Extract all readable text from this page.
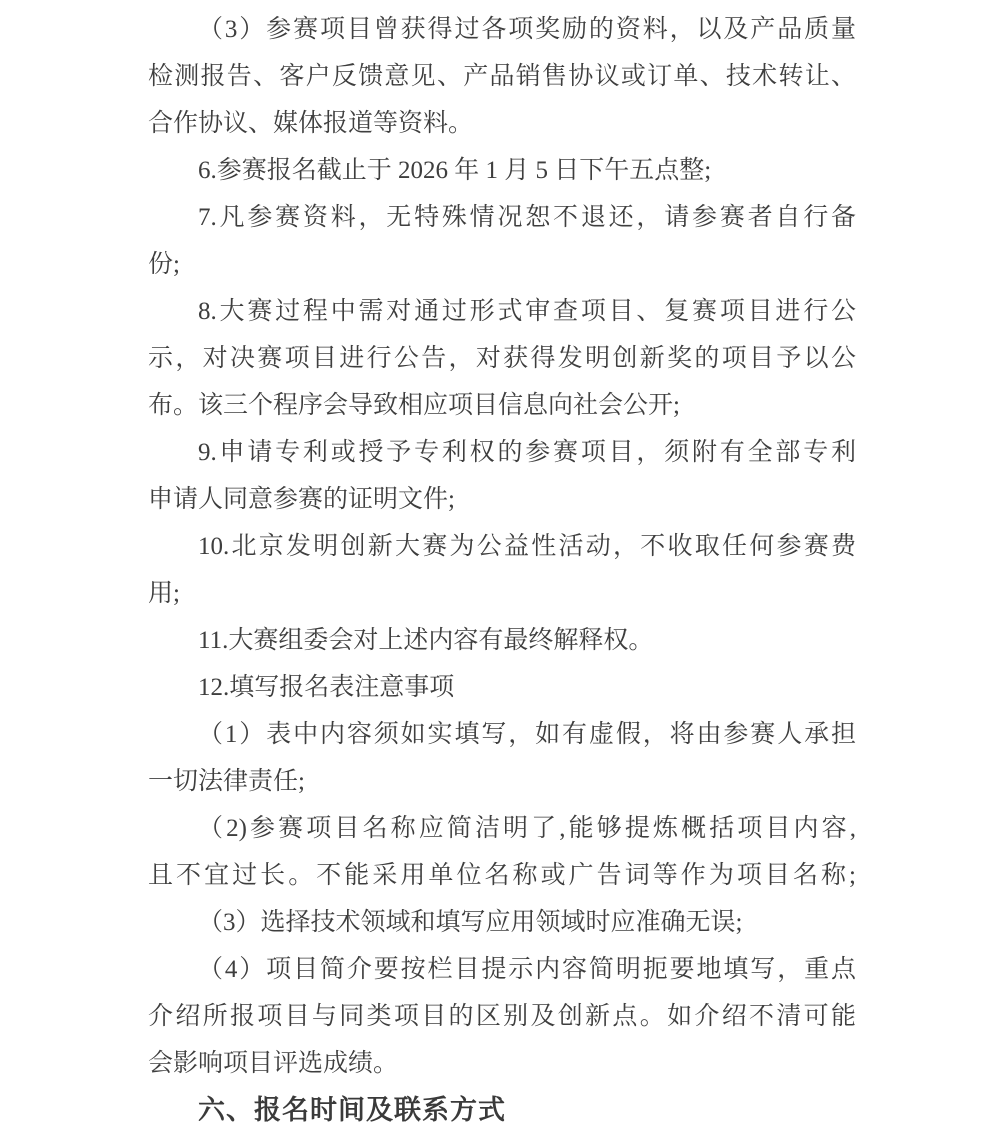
（3）参赛项目曾获得过各项奖励的资料，以及产品质量
检测报告、客户反馈意见、产品销售协议或订单、技术转让、
合作协议、媒体报道等资料。
6.参赛报名截止于 2026 年 1 月 5 日下午五点整;
7.凡参赛资料，无特殊情况恕不退还，请参赛者自行备
份;
8.大赛过程中需对通过形式审查项目、复赛项目进行公
示，对决赛项目进行公告，对获得发明创新奖的项目予以公
布。该三个程序会导致相应项目信息向社会公开;
9.申请专利或授予专利权的参赛项目，须附有全部专利
申请人同意参赛的证明文件;
10.北京发明创新大赛为公益性活动，不收取任何参赛费
用;
11.大赛组委会对上述内容有最终解释权。
12.填写报名表注意事项
（1）表中内容须如实填写，如有虚假，将由参赛人承担
一切法律责任;
（2)参赛项目名称应简洁明了,能够提炼概括项目内容,
且不宜过长。不能采用单位名称或广告词等作为项目名称;
（3）选择技术领域和填写应用领域时应准确无误;
（4）项目简介要按栏目提示内容简明扼要地填写，重点
介绍所报项目与同类项目的区别及创新点。如介绍不清可能
会影响项目评选成绩。
六、报名时间及联系方式
